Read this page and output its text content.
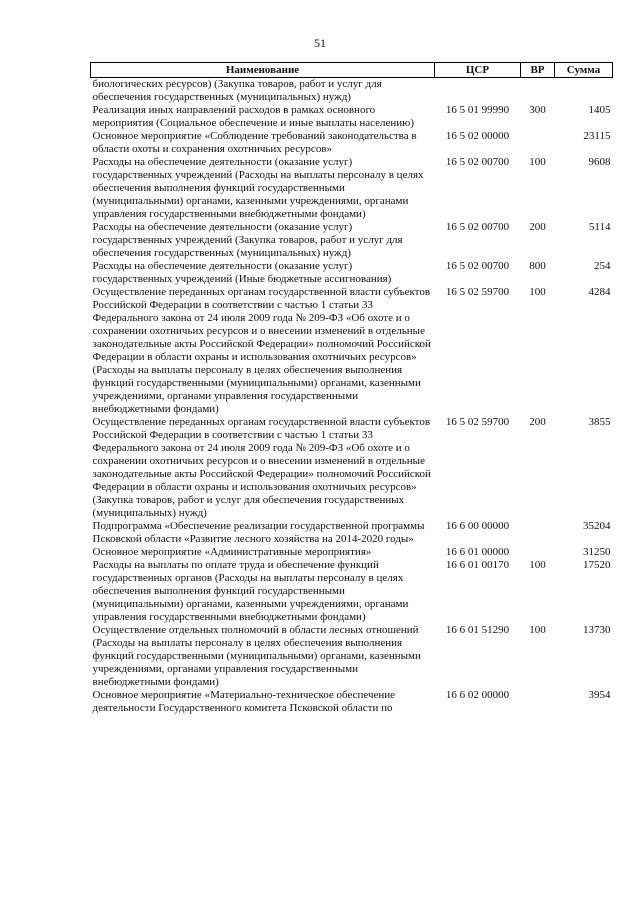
51
Наименование	ЦСР	ВР	Сумма
биологических ресурсов) (Закупка товаров, работ и услуг для обеспечения государственных (муниципальных) нужд)			
Реализация иных направлений расходов в рамках основного мероприятия (Социальное обеспечение и иные выплаты населению)	16 5 01 99990	300	1405
Основное мероприятие «Соблюдение требований законодательства в области охоты и сохранения охотничьих ресурсов»	16 5 02 00000		23115
Расходы на обеспечение деятельности (оказание услуг) государственных учреждений (Расходы на выплаты персоналу в целях обеспечения выполнения функций государственными (муниципальными) органами, казенными учреждениями, органами управления государственными внебюджетными фондами)	16 5 02 00700	100	9608
Расходы на обеспечение деятельности (оказание услуг) государственных учреждений (Закупка товаров, работ и услуг для обеспечения государственных (муниципальных) нужд)	16 5 02 00700	200	5114
Расходы на обеспечение деятельности (оказание услуг) государственных учреждений (Иные бюджетные ассигнования)	16 5 02 00700	800	254
Осуществление переданных органам государственной власти субъектов Российской Федерации в соответствии с частью 1 статьи 33 Федерального закона от 24 июля 2009 года № 209-ФЗ «Об охоте и о сохранении охотничьих ресурсов и о внесении изменений в отдельные законодательные акты Российской Федерации» полномочий Российской Федерации в области охраны и использования охотничьих ресурсов» (Расходы на выплаты персоналу в целях обеспечения выполнения функций государственными (муниципальными) органами, казенными учреждениями, органами управления государственными внебюджетными фондами)	16 5 02 59700	100	4284
Осуществление переданных органам государственной власти субъектов Российской Федерации в соответствии с частью 1 статьи 33 Федерального закона от 24 июля 2009 года № 209-ФЗ «Об охоте и о сохранении охотничьих ресурсов и о внесении изменений в отдельные законодательные акты Российской Федерации» полномочий Российской Федерации в области охраны и использования охотничьих ресурсов» (Закупка товаров, работ и услуг для обеспечения государственных (муниципальных) нужд)	16 5 02 59700	200	3855
Подпрограмма «Обеспечение реализации государственной программы Псковской области «Развитие лесного хозяйства на 2014-2020 годы»	16 6 00 00000		35204
Основное мероприятие «Административные мероприятия»	16 6 01 00000		31250
Расходы на выплаты по оплате труда и обеспечение функций государственных органов (Расходы на выплаты персоналу в целях обеспечения выполнения функций государственными (муниципальными) органами, казенными учреждениями, органами управления государственными внебюджетными фондами)	16 6 01 00170	100	17520
Осуществление отдельных полномочий в области лесных отношений (Расходы на выплаты персоналу в целях обеспечения выполнения функций государственными (муниципальными) органами, казенными учреждениями, органами управления государственными внебюджетными фондами)	16 6 01 51290	100	13730
Основное мероприятие «Материально-техническое обеспечение деятельности Государственного комитета Псковской области по	16 6 02 00000		3954
